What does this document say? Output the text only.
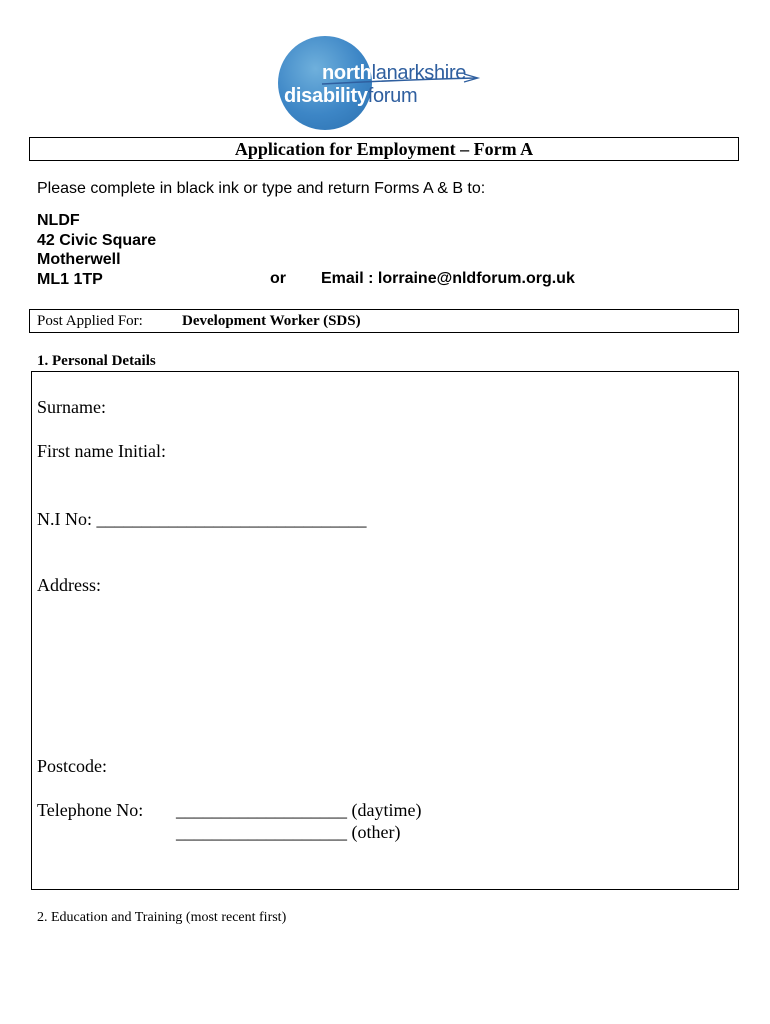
northlanarkshire
disabilityforum
Application for Employment – Form A
Please complete in black ink or type and return Forms A & B to:
NLDF
42 Civic Square
Motherwell
ML1 1TP	or Email : lorraine@nldforum.org.uk
Post Applied For:	Development Worker (SDS)
1. Personal Details
Surname:
First name Initial:
N.I No: ______________________________
Address:
Postcode:
Telephone No: ___________________ (daytime)
___________________ (other)
2. Education and Training (most recent first)
